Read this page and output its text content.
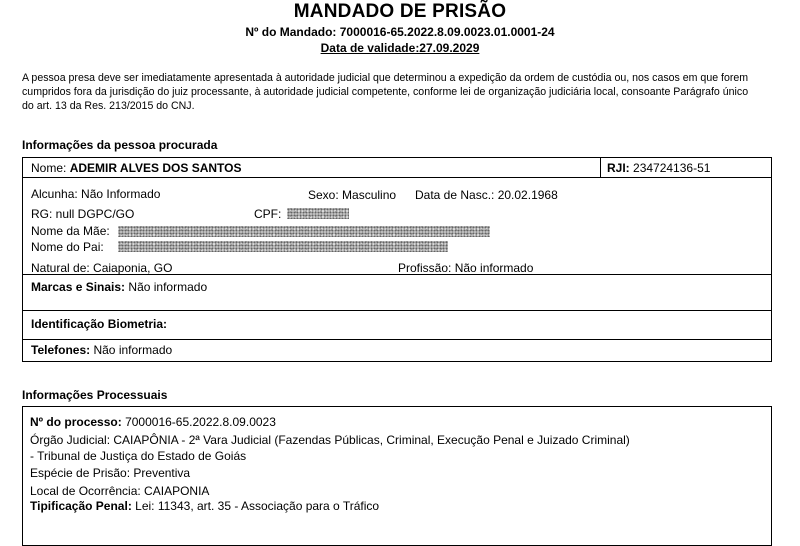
MANDADO DE PRISÃO
Nº do Mandado: 7000016-65.2022.8.09.0023.01.0001-24
Data de validade:27.09.2029
A pessoa presa deve ser imediatamente apresentada à autoridade judicial que determinou a expedição da ordem de custódia ou, nos casos em que forem cumpridos fora da jurisdição do juiz processante, à autoridade judicial competente, conforme lei de organização judiciária local, consoante Parágrafo único do art. 13 da Res. 213/2015 do CNJ.
Informações da pessoa procurada
Nome: ADEMIR ALVES DOS SANTOS	RJI: 234724136-51
Alcunha: Não Informado	Sexo: Masculino Data de Nasc.: 20.02.1968
RG: null DGPC/GO	CPF:
Nome da Mãe:
Nome do Pai:
Natural de: Caiaponia, GO	Profissão: Não informado
Marcas e Sinais: Não informado
Identificação Biometria:
Telefones: Não informado
Informações Processuais
Nº do processo: 7000016-65.2022.8.09.0023
Órgão Judicial: CAIAPÔNIA - 2ª Vara Judicial (Fazendas Públicas, Criminal, Execução Penal e Juizado Criminal)
- Tribunal de Justiça do Estado de Goiás
Espécie de Prisão: Preventiva
Local de Ocorrência: CAIAPONIA
Tipificação Penal: Lei: 11343, art. 35 - Associação para o Tráfico
